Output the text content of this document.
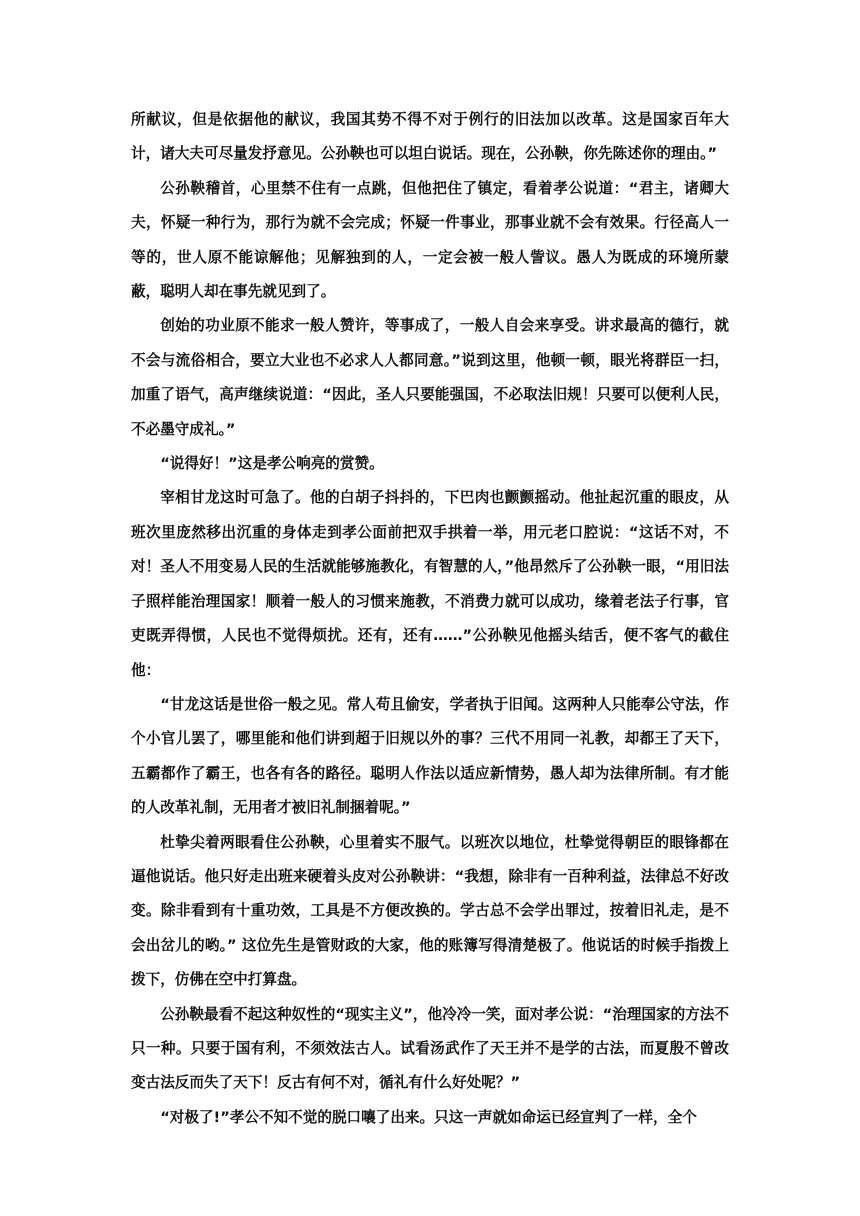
所献议，但是依据他的献议，我国其势不得不对于例行的旧法加以改革。这是国家百年大计，诸大夫可尽量发抒意见。公孙鞅也可以坦白说话。现在，公孙鞅，你先陈述你的理由。”

公孙鞅稽首，心里禁不住有一点跳，但他把住了镇定，看着孝公说道：“君主，诸卿大夫，怀疑一种行为，那行为就不会完成；怀疑一件事业，那事业就不会有效果。行径高人一等的，世人原不能谅解他；见解独到的人，一定会被一般人訾议。愚人为既成的环境所蒙蔽，聪明人却在事先就见到了。

创始的功业原不能求一般人赞许，等事成了，一般人自会来享受。讲求最高的德行，就不会与流俗相合，要立大业也不必求人人都同意。”说到这里，他顿一顿，眼光将群臣一扫，加重了语气，高声继续说道：“因此，圣人只要能强国，不必取法旧规！只要可以便利人民，不必墨守成礼。”

“说得好！”这是孝公响亮的赏赞。

宰相甘龙这时可急了。他的白胡子抖抖的，下巴肉也颤颤摇动。他扯起沉重的眼皮，从班次里庞然移出沉重的身体走到孝公面前把双手拱着一举，用元老口腔说：“这话不对，不对！圣人不用变易人民的生活就能够施教化，有智慧的人，”他昂然斥了公孙鞅一眼，“用旧法子照样能治理国家！顺着一般人的习惯来施教，不消费力就可以成功，缘着老法子行事，官吏既弄得惯，人民也不觉得烦扰。还有，还有……”公孙鞅见他摇头结舌，便不客气的截住他：

“甘龙这话是世俗一般之见。常人苟且偷安，学者执于旧闻。这两种人只能奉公守法，作个小官儿罢了，哪里能和他们讲到超于旧规以外的事？三代不用同一礼教，却都王了天下，五霸都作了霸王，也各有各的路径。聪明人作法以适应新情势，愚人却为法律所制。有才能的人改革礼制，无用者才被旧礼制捆着呢。”

杜挚尖着两眼看住公孙鞅，心里着实不服气。以班次以地位，杜挚觉得朝臣的眼锋都在逼他说话。他只好走出班来硬着头皮对公孙鞅讲：“我想，除非有一百种利益，法律总不好改变。除非看到有十重功效，工具是不方便改换的。学古总不会学出罪过，按着旧礼走，是不会出岔儿的哟。” 这位先生是管财政的大家，他的账簿写得清楚极了。他说话的时候手指拨上拨下，仿佛在空中打算盘。

公孙鞅最看不起这种奴性的“现实主义”，他冷冷一笑，面对孝公说：“治理国家的方法不只一种。只要于国有利，不须效法古人。试看汤武作了天王并不是学的古法，而夏殷不曾改变古法反而失了天下！反古有何不对，循礼有什么好处呢？”

“对极了!”孝公不知不觉的脱口嚷了出来。只这一声就如命运已经宣判了一样，全个
